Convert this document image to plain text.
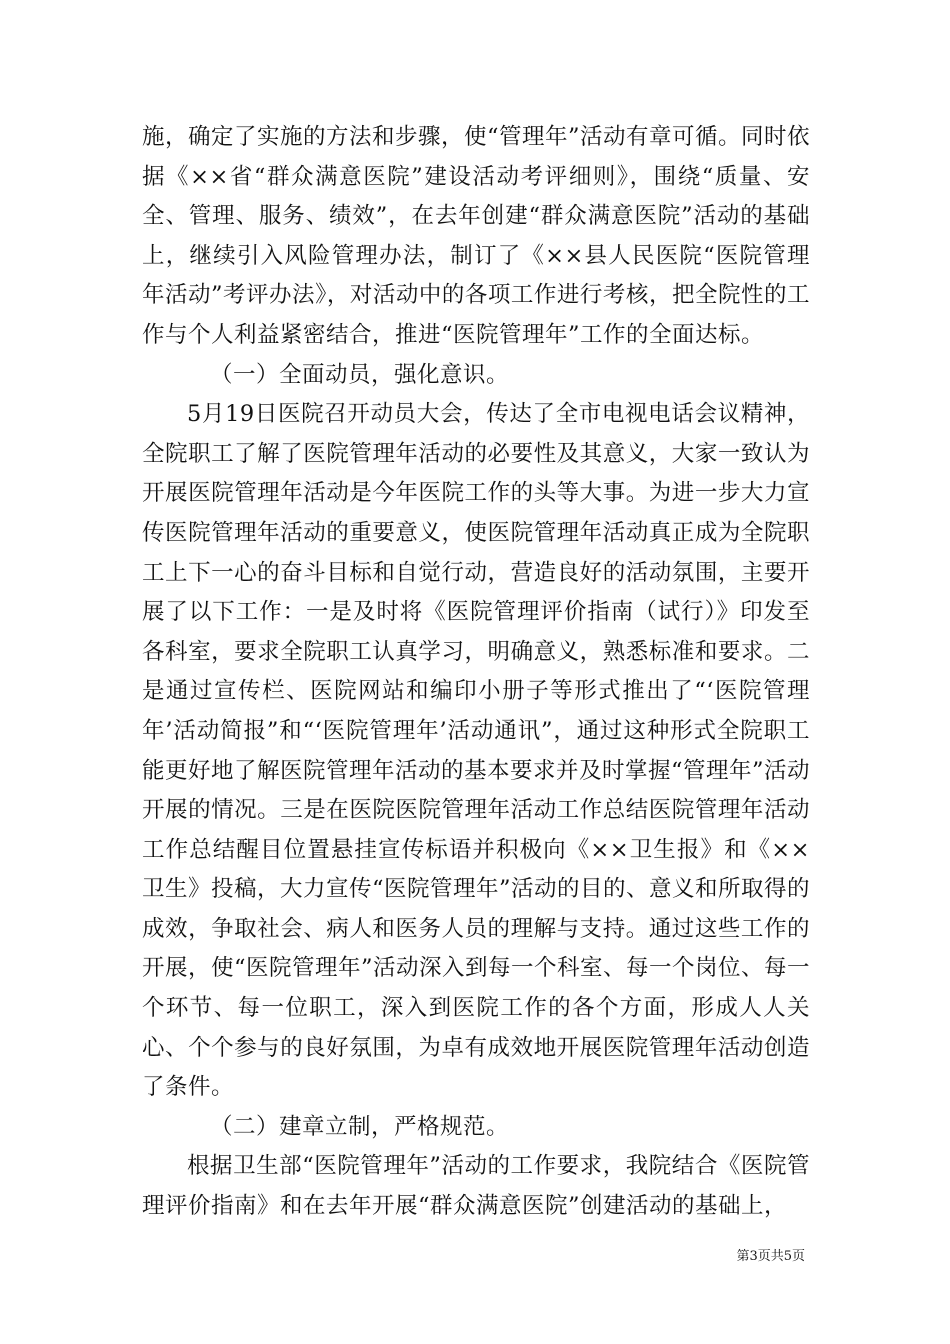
施，确定了实施的方法和步骤，使“管理年”活动有章可循。同时依据《××省“群众满意医院”建设活动考评细则》，围绕“质量、安全、管理、服务、绩效”，在去年创建“群众满意医院”活动的基础上，继续引入风险管理办法，制订了《××县人民医院“医院管理年活动”考评办法》，对活动中的各项工作进行考核，把全院性的工作与个人利益紧密结合，推进“医院管理年”工作的全面达标。

（一）全面动员，强化意识。

5月19日医院召开动员大会，传达了全市电视电话会议精神，全院职工了解了医院管理年活动的必要性及其意义，大家一致认为开展医院管理年活动是今年医院工作的头等大事。为进一步大力宣传医院管理年活动的重要意义，使医院管理年活动真正成为全院职工上下一心的奋斗目标和自觉行动，营造良好的活动氛围，主要开展了以下工作：一是及时将《医院管理评价指南（试行）》印发至各科室，要求全院职工认真学习，明确意义，熟悉标准和要求。二是通过宣传栏、医院网站和编印小册子等形式推出了“‘医院管理年’活动简报”和“‘医院管理年’活动通讯”，通过这种形式全院职工能更好地了解医院管理年活动的基本要求并及时掌握“管理年”活动开展的情况。三是在医院医院管理年活动工作总结医院管理年活动工作总结醒目位置悬挂宣传标语并积极向《××卫生报》和《××卫生》投稿，大力宣传“医院管理年”活动的目的、意义和所取得的成效，争取社会、病人和医务人员的理解与支持。通过这些工作的开展，使“医院管理年”活动深入到每一个科室、每一个岗位、每一个环节、每一位职工，深入到医院工作的各个方面，形成人人关心、个个参与的良好氛围，为卓有成效地开展医院管理年活动创造了条件。

（二）建章立制，严格规范。

根据卫生部“医院管理年”活动的工作要求，我院结合《医院管理评价指南》和在去年开展“群众满意医院”创建活动的基础上，

第3页共5页
